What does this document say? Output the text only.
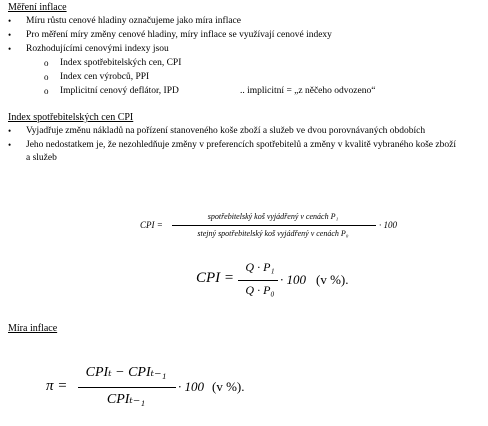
Měření inflace
• Míru růstu cenové hladiny označujeme jako míra inflace
• Pro měření míry změny cenové hladiny, míry inflace se využívají cenové indexy
• Rozhodujícími cenovými indexy jsou
o Index spotřebitelských cen, CPI
o Index cen výrobců, PPI
o Implicitní cenový deflátor, IPD	.. implicitní = „z něčeho odvozeno“
Index spotřebitelských cen CPI
• Vyjadřuje změnu nákladů na pořízení stanoveného koše zboží a služeb ve dvou porovnávaných obdobích
• Jeho nedostatkem je, že nezohledňuje změny v preferencích spotřebitelů a změny v kvalitě vybraného koše zboží
a služeb
CPI =
spotřebitelský koš vyjádřený v cenách P₁
stejný spotřebitelský koš vyjádřený v cenách P₀
· 100
CPI =
Q · P₁
Q · P₀
· 100 (v %).
Míra inflace
π =
CPIₜ − CPIₜ₋₁
CPIₜ₋₁
· 100 (v %).
